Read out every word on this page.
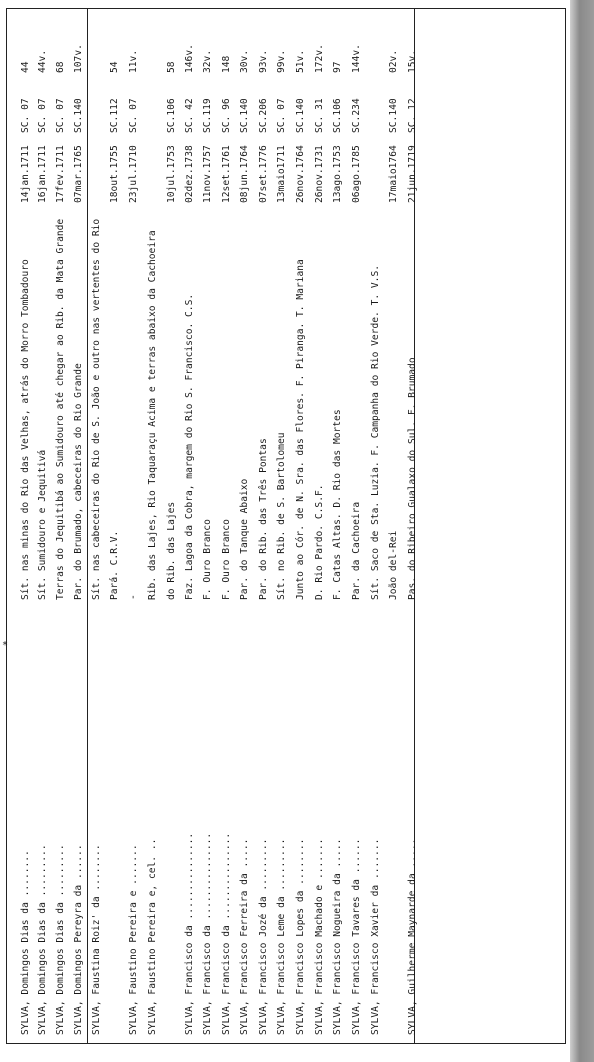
SYLVA, Domingos Dias da ........
Sít. nas minas do Rio das Velhas, atrás do Morro Tombadouro
SYLVA, Domingos Dias da .........
Sít. Sumidouro e Jequitivá
SYLVA, Domingos Dias da .........
Terras do Jequitibá ao Sumidouro até chegar ao Rib. da Mata Grande
SYLVA, Domingos Pereyra da ......
Par. do Brumado, cabeceiras do Rio Grande
SYLVA, Faustina Roiz' da ........
Sít. nas cabeceiras do Rio de S. João e outro nas vertentes do Rio Pará. C.R.V.
SYLVA, Faustino Pereira e .......
-
SYLVA, Faustino Pereira e, cel. ..
Rib. das Lajes, Rio Taquaraçu Acima e terras abaixo da Cachoeira do Rib. das Lajes
SYLVA, Francisco da ...............
Faz. Lagoa da Cobra, margem do Rio S. Francisco. C.S.
SYLVA, Francisco da ...............
F. Ouro Branco
SYLVA, Francisco da ...............
F. Ouro Branco
SYLVA, Francisco Ferreira da .....
Par. do Tanque Abaixo
SYLVA, Francisco Jozé da .........
Par. do Rib. das Três Pontas
SYLVA, Francisco Leme da .........
Sít. no Rib. de S. Bartolomeu
SYLVA, Francisco Lopes da ........
Junto ao Cór. de N. Sra. das Flores. F. Piranga. T. Mariana
SYLVA, Francisco Machado e .......
D. Rio Pardo. C.S.F.
SYLVA, Francisco Nogueira da .....
F. Catas Altas. D. Rio das Mortes
SYLVA, Francisco Tavares da ......
Par. da Cachoeira
SYLVA, Francisco Xavier da .......
Sít. Saco de Sta. Luzia. F. Campanha do Rio Verde. T. V.S. João del-Rei
SYLVA, Guilherme Maynarde da .....
Pas. do Ribeiro Gualaxo do Sul. F. Brumado
14jan.1711
SC. 07
44
16jan.1711
SC. 07
44v.
17fev.1711
SC. 07
68
07mar.1765
SC.140
107v.
18out.1755
SC.112
54
23jul.1710
SC. 07
11v.
10jul.1753
SC.106
58
02dez.1738
SC. 42
146v.
11nov.1757
SC.119
32v.
12set.1761
SC. 96
148
08jun.1764
SC.140
30v.
07set.1776
SC.206
93v.
13maio1711
SC. 07
99v.
26nov.1764
SC.140
51v.
26nov.1731
SC. 31
172v.
13ago.1753
SC.106
97
06ago.1785
SC.234
144v.
17maio1764
SC.140
02v.
21jun.1719
SC. 12
15v.
*
